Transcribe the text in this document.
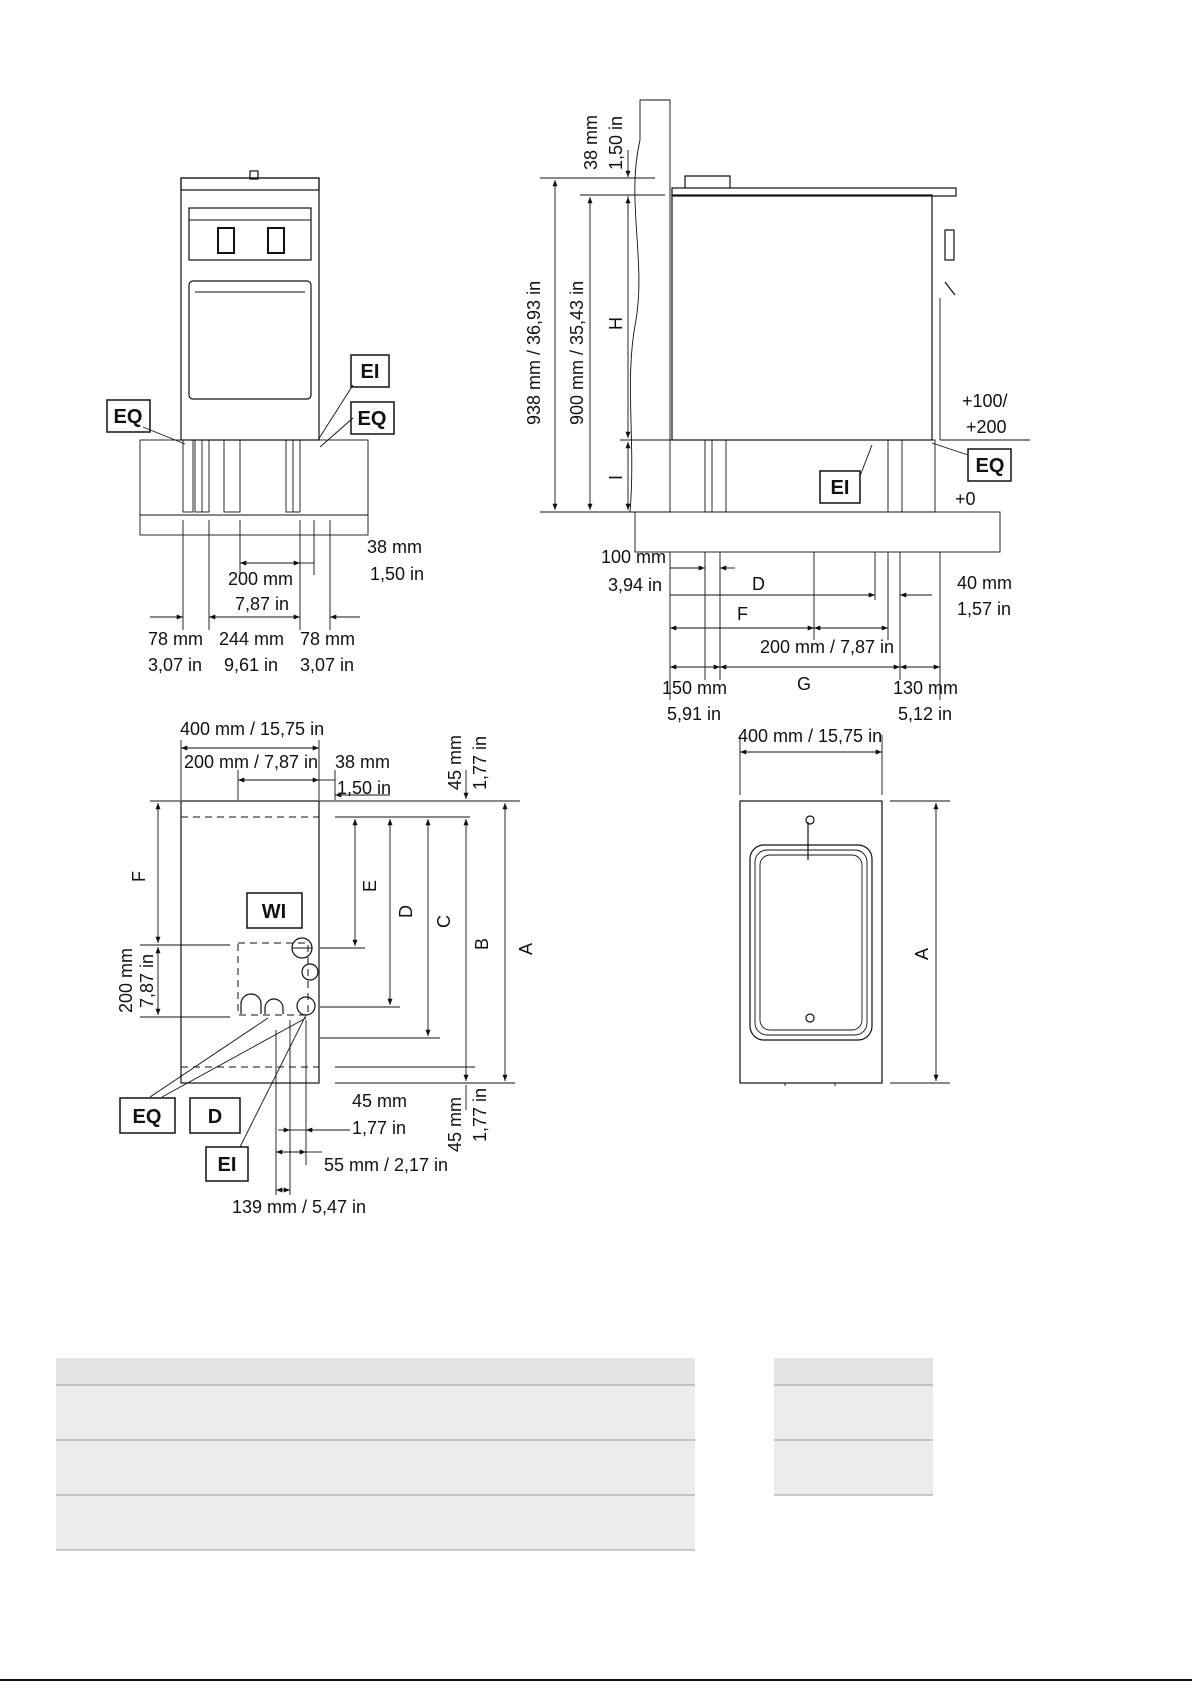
EQ
EI
EQ
38 mm
1,50 in
200 mm
7,87 in
78 mm
3,07 in
244 mm
9,61 in
78 mm
3,07 in
38 mm 1,50 in
938 mm / 36,93 in 900 mm / 35,43 in H
I
+100/
+200
+0
EI
EQ
100 mm
3,94 in	D
F
40 mm
1,57 in
200 mm / 7,87 in
150 mm
5,91 in
G	130 mm
5,12 in
WI
EQ D
EI
400 mm / 15,75 in
200 mm / 7,87 in 38 mm
1,50 in	45 mm 1,77 in
F
E
D
C
B A
200 mm 7,87 in
45 mm
1,77 in 45 mm 1,77 in
55 mm / 2,17 in
139 mm / 5,47 in
400 mm / 15,75 in
A
